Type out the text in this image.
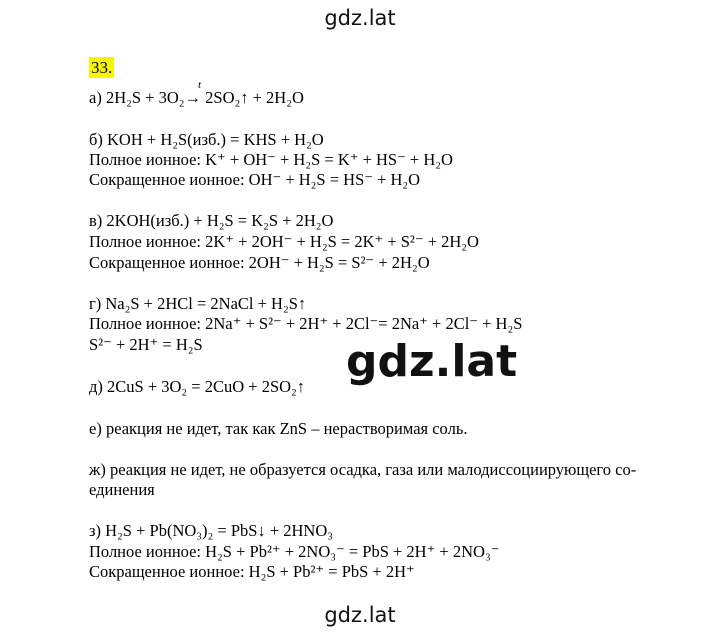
gdz.lat
33.
а) 2H₂S + 3O₂→ 2SO₂↑ + 2H₂O
t
б) KOH + H₂S(изб.) = KHS + H₂O
Полное ионное: K⁺ + OH⁻ + H₂S = K⁺ + HS⁻ + H₂O
Сокращенное ионное: OH⁻ + H₂S = HS⁻ + H₂O
в) 2KOH(изб.) + H₂S = K₂S + 2H₂O
Полное ионное: 2K⁺ + 2OH⁻ + H₂S = 2K⁺ + S²⁻ + 2H₂O
Сокращенное ионное: 2OH⁻ + H₂S = S²⁻ + 2H₂O
г) Na₂S + 2HCl = 2NaCl + H₂S↑
Полное ионное: 2Na⁺ + S²⁻ + 2H⁺ + 2Cl⁻= 2Na⁺ + 2Cl⁻ + H₂S
S²⁻ + 2H⁺ = H₂S
д) 2CuS + 3O₂ = 2CuO + 2SO₂↑
е) реакция не идет, так как ZnS – нерастворимая соль.
ж) реакция не идет, не образуется осадка, газа или малодиссоциирующего со-
единения
з) H₂S + Pb(NO₃)₂ = PbS↓ + 2HNO₃
Полное ионное: H₂S + Pb²⁺ + 2NO₃⁻ = PbS + 2H⁺ + 2NO₃⁻
Сокращенное ионное: H₂S + Pb²⁺ = PbS + 2H⁺
gdz.lat
gdz.lat
